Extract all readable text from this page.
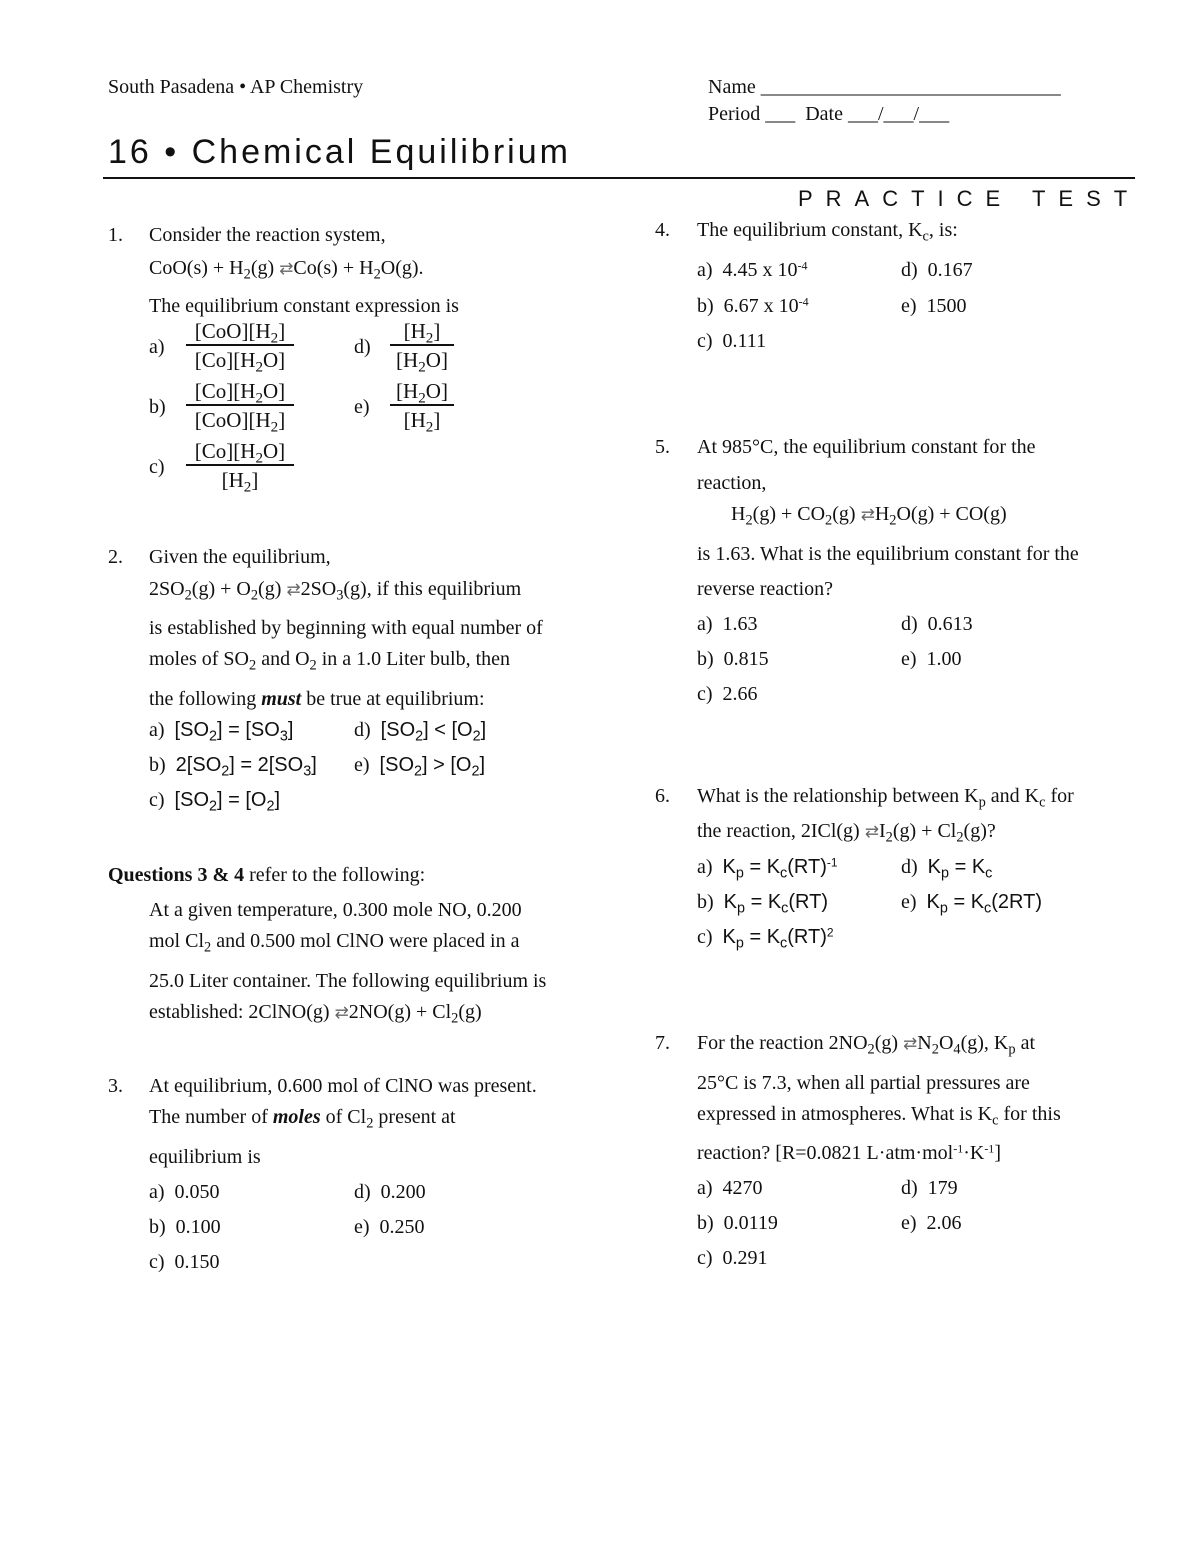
South Pasadena • AP Chemistry	Name ______________________________
Period ___ Date ___/___/___
16 • Chemical Equilibrium
PRACTICE TEST
1. Consider the reaction system,
$CoO(s) + H_2(g)$ ⇄Co(s) + $H_2O(g)$.
The equilibrium constant expression is
a)
$[CoO][H_2]$
$[Co][H_2O]$
b)
$[Co][H_2O]$
$[CoO][H_2]$
$c) \frac{[Co][H_2O]}{[H_2]}$
$d) \frac{[H_2]}{[H_2O]}$
$e) \frac{[H_2O]}{[H_2]}$
2. Given the equilibrium,
$2SO_2(g) + O_2(g)$ $⇄2SO_3(g)$, if this equilibrium
is established by beginning with equal number of
moles of $SO_2$ and $O_2$ in a 1.0 Liter bulb, then
the following must be true at equilibrium:
a) $[SO_2] = [SO_3]$
b) $2[SO_2] = 2[SO_3]$
c) $[SO_2] = [O_2]$
d) $[SO_2] < [O_2]$
e) $[SO_2] > [O_2]$
Questions 3 & 4 refer to the following:
At a given temperature, 0.300 mole NO, 0.200
mol $Cl_2$ and 0.500 mol ClNO were placed in a
25.0 Liter container. The following equilibrium is
established: 2ClNO(g) ⇄2NO(g) + $Cl_2(g)$
3. At equilibrium, 0.600 mol of ClNO was present.
The number of moles of $Cl_2$ present at
equilibrium is
a) 0.050
b) 0.100
c) 0.150
d) 0.200
e) 0.250
4. The equilibrium constant, $K_c$, is:
a) 4.45 x $10^{-4}$
b) 6.67 x $10^{-4}$
c) 0.111
d) 0.167
e) 1500
5. At 985°C, the equilibrium constant for the
reaction,
$H_2(g) + CO_2(g)$ $⇄H_2O(g) + CO(g)$
is 1.63. What is the equilibrium constant for the
reverse reaction?
a) 1.63
b) 0.815
c) 2.66
d) 0.613
e) 1.00
6. What is the relationship between $K_p$ and $K_c$ for
the reaction, 2ICl(g) $⇄I_2(g) + Cl_2(g)$?
a) $K_p = K_c(RT)^{-1}$
b) $K_p = K_c(RT)$
c) $K_p = K_c(RT)^2$
d) $K_p = K_c$
e) $K_p = K_c(2RT)$
7. For the reaction $2NO_2(g)$ $⇄N_2O_4(g)$, $K_p$ at
25°C is 7.3, when all partial pressures are
expressed in atmospheres. What is $K_c$ for this
reaction? [R=0.0821 $L\cdot atm\cdot mol^{-1}\cdot K^{-1}$]
a) 4270
b) 0.0119
c) 0.291
d) 179
e) 2.06
